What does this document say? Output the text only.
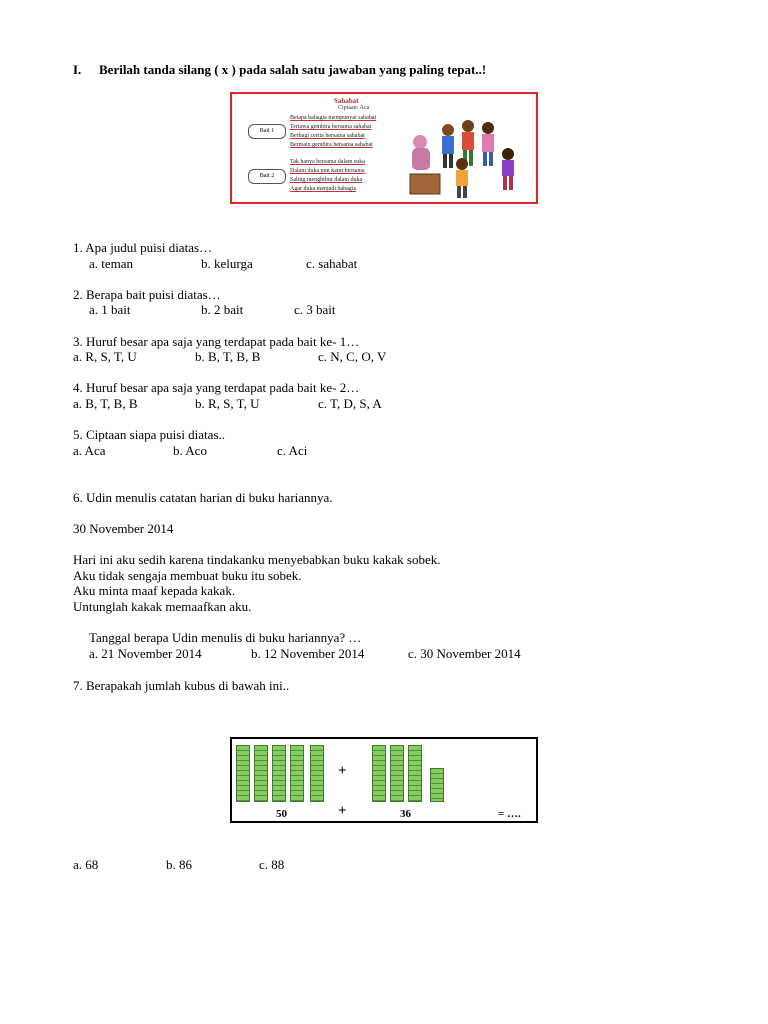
I. Berilah tanda silang ( x ) pada salah satu jawaban yang paling tepat..!
Sahabat
Ciptaan: Aca
Bait 1
Betapa bahagia mempunyai sahabat
Tertawa gembira bersama sahabat
Berbagi cerita bersama sahabat
Bermain gembira bersama sahabat
Bait 2
Tak hanya bersama dalam suka
Dalam duka pun kami bersama
Saling menghibur dalam duka
Agar duka menjadi bahagia
1. Apa judul puisi diatas…
a. teman	b. kelurga	c. sahabat
2. Berapa bait puisi diatas…
a. 1 bait	b. 2 bait	c. 3 bait
3. Huruf besar apa saja yang terdapat pada bait ke- 1…
a. R, S, T, U	b. B, T, B, B	c. N, C, O, V
4. Huruf besar apa saja yang terdapat pada bait ke- 2…
a. B, T, B, B	b. R, S, T, U	c. T, D, S, A
5. Ciptaan siapa puisi diatas..
a. Aca	b. Aco	c. Aci
6. Udin menulis catatan harian di buku hariannya.
30 November 2014
Hari ini aku sedih karena tindakanku menyebabkan buku kakak sobek.
Aku tidak sengaja membuat buku itu sobek.
Aku minta maaf kepada kakak.
Untunglah kakak memaafkan aku.
Tanggal berapa Udin menulis di buku hariannya? …
a. 21 November 2014	b. 12 November 2014	c. 30 November 2014
7. Berapakah jumlah kubus di bawah ini..
+
50	+	36	= ….
a. 68	b. 86	c. 88
